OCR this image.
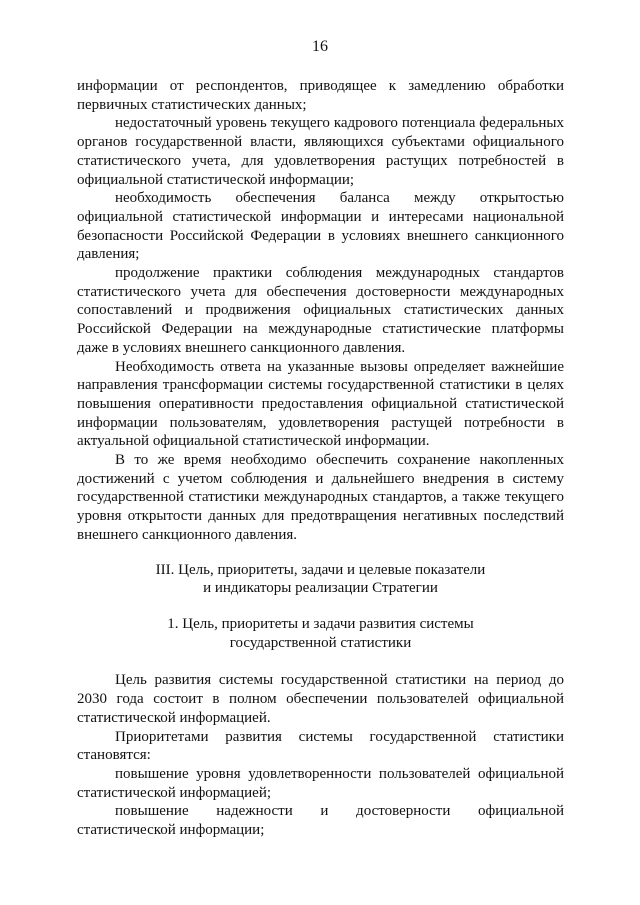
16

информации от респондентов, приводящее к замедлению обработки первичных статистических данных;

недостаточный уровень текущего кадрового потенциала федеральных органов государственной власти, являющихся субъектами официального статистического учета, для удовлетворения растущих потребностей в официальной статистической информации;

необходимость обеспечения баланса между открытостью официальной статистической информации и интересами национальной безопасности Российской Федерации в условиях внешнего санкционного давления;

продолжение практики соблюдения международных стандартов статистического учета для обеспечения достоверности международных сопоставлений и продвижения официальных статистических данных Российской Федерации на международные статистические платформы даже в условиях внешнего санкционного давления.

Необходимость ответа на указанные вызовы определяет важнейшие направления трансформации системы государственной статистики в целях повышения оперативности предоставления официальной статистической информации пользователям, удовлетворения растущей потребности в актуальной официальной статистической информации.

В то же время необходимо обеспечить сохранение накопленных достижений с учетом соблюдения и дальнейшего внедрения в систему государственной статистики международных стандартов, а также текущего уровня открытости данных для предотвращения негативных последствий внешнего санкционного давления.

III. Цель, приоритеты, задачи и целевые показатели
и индикаторы реализации Стратегии

1. Цель, приоритеты и задачи развития системы
государственной статистики

Цель развития системы государственной статистики на период до 2030 года состоит в полном обеспечении пользователей официальной статистической информацией.

Приоритетами развития системы государственной статистики становятся:

повышение уровня удовлетворенности пользователей официальной статистической информацией;

повышение надежности и достоверности официальной статистической информации;
